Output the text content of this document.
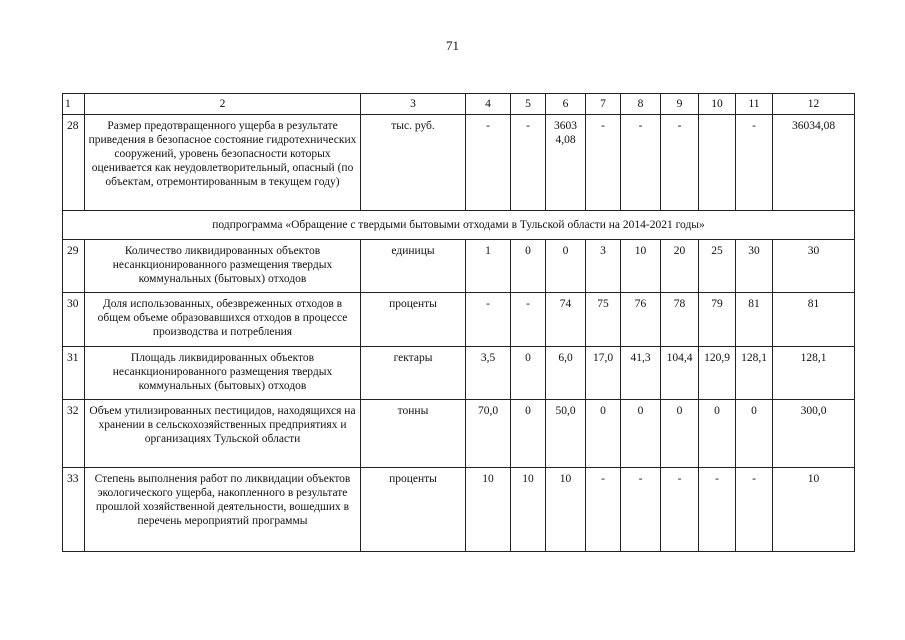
71
1	2	3	4	5	6	7	8	9	10	11	12
28	Размер предотвращенного ущерба в результате приведения в безопасное состояние гидротехнических сооружений, уровень безопасности которых оценивается как неудовлетворительный, опасный (по объектам, отремонтированным в текущем году)	тыс. руб.	-	-	3603 4,08	-	-	-		-	36034,08
подпрограмма «Обращение с твердыми бытовыми отходами в Тульской области на 2014-2021 годы»											
29	Количество ликвидированных объектов несанкционированного размещения твердых коммунальных (бытовых) отходов	единицы	1	0	0	3	10	20	25	30	30
30	Доля использованных, обезвреженных отходов в общем объеме образовавшихся отходов в процессе производства и потребления	проценты	-	-	74	75	76	78	79	81	81
31	Площадь ликвидированных объектов несанкционированного размещения твердых коммунальных (бытовых) отходов	гектары	3,5	0	6,0	17,0	41,3	104,4	120,9	128,1	128,1
32	Объем утилизированных пестицидов, находящихся на хранении в сельскохозяйственных предприятиях и организациях Тульской области	тонны	70,0	0	50,0	0	0	0	0	0	300,0
33	Степень выполнения работ по ликвидации объектов экологического ущерба, накопленного в результате прошлой хозяйственной деятельности, вошедших в перечень мероприятий программы	проценты	10	10	10	-	-	-	-	-	10
